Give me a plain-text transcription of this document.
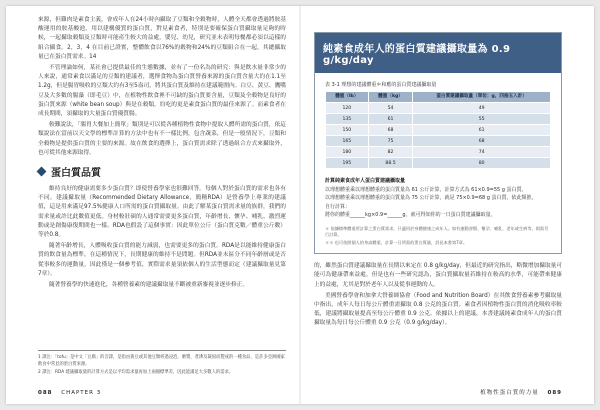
來源，但雞肉是素食主義，會成年人在24小時內攝取了豆類和全穀物時，人體全天都會透過將胺基酸運用的胺基酸池，用以建構優質的蛋白質，對見素食者，特別是要確保蛋白質攝取量足夠的時候，一起攝取穀類及豆類時可能產生較大的益處，嬰兒、幼兒，研究並未表明每餐都必須以這樣的組合攝食。2，3，4 在目前已證實，整體飲食以76%的穀物和24%的豆類組合在一起，其總攝取量已在蛋白質需求。14

不管理論如何，某社會已提供最佳的生態數據，並有了一份名為的研究：與是飲水量非常少的人來說，通常素食以滿足的豆類的建議者，選擇食物為蛋白質營養來源的蛋白質含量大約在1.1至1.2g，但是腸胃吸收的豆類大約有3至5盎司，將其蛋白質及維持在建議範圍內。白豆、黃豆、鷹嘴豆及大多數的腸藻（即毛豆）中，在植物性飲食裡不可缺的蛋白質要含量，豆類及全穀物是良好的蛋白質來源（white bean soup）與是在穀類，約吃的更是素食蛋白質的最佳來源了。而素食者在成長期間，須攝取的大量蛋白質優質腸。

較難說法，「腸胃大餐加上簡單」類別是可以從各種植物性食物中提取人體所需的蛋白質，依這類說法在當前以天文學的標準計算的方法中也有不一樣比例，包含蔬菜，但是一般情況下，豆類和全穀物是提供蛋白質的主要的來源。故在飲食的選擇上，蛋白質需求除了透過組合方式來攝取外，也可從其他來源取得。

蛋白質品質

維持良好的健康需要多少蛋白質？即使營養學家也很難回答。每個人對於蛋白質的需求也各有不同。建議攝取量（Recommended Dietary Allowance，簡稱RDA）是營養學上專業的建議值，這是用來滿足97.5%健康人口所需的蛋白質攝取量。由此了解某蛋白質需求量的族群，我們的需求量或許比此數值更低。身材較壯碩的人通常需要更多蛋白質，年齡增長、懷孕、哺乳、激烈運動或是創傷康復期間也一樣。RDA也假設了這個事實：因此單位公斤（蛋白質克數／體重公斤數）等於0.8。

隨著年齡增長，人體吸收蛋白質的能力減弱，也需要更多的蛋白質。RDA是以能維持健康蛋白質的飲食量為標準，在這種情況下，長期健康的維持不是問題。但RDA並未區分不同年齡層或是否從事較多的運動量，因此僅是一個參考值，實際需求量須依個人的生活型態而定（建議攝取量見第7章）。

隨著營養學的快速進化，各種營養素的建議攝取量不斷被重新審視並逐步修正。

1 譯注：「tofu」是中文「豆腐」的音譯，是指由黃豆或其他豆類經過浸泡、磨漿、煮沸及凝固而製成的一種食品，是許多亞洲國家飲食中常見的蛋白質來源。

2 譯注：RDA 建議攝取量的計算方式是以平均需求量再加上兩個標準差，因此能滿足大多數人的需求。

088 CHAPTER 3
純素食成年人的蛋白質建議攝取量為 0.9 g/kg/day
表 3-1 理想的建議體重＊和應的蛋白質建議攝取量
體重（lb）	體重（kg）	蛋白質建議攝取量（單位：g，四捨五入計）
120	54	49
135	61	55
150	68	61
165	75	68
180	82	74
195	88.5	80
計算純素食成年人蛋白質建議攝取量
以理想體重乘以理想體重的蛋白質量為 61 公斤計算，計算方式為 61×0.9=55 g 蛋白質。
以理想體重乘以理想體重的蛋白質量為 75 公斤計算，就是 75×0.9=68 g 蛋白質，依此類推。
自行計算：
將你的體重______kg×0.9=______g，就可得知你的一日蛋白質建議攝取量。

＊ 依據標準體重所計算之蛋白質需求，只適用於身體健康之成年人。如有運動習慣、懷孕、哺乳、老年或生病等，則需另行計算。

＊＊ 也可依照個人的身高體重，計算一日所需的蛋白質量，詳見本書第7章。

的，雖然蛋白質建議攝取量在長期以來定在 0.8 g/kg/day，但最近的研究指出，略微增加攝取量可能可為健康帶來益處。但是也有一些研究認為，蛋白質攝取量若維持在較高的水準，可能帶來健康上的益處，尤其是對於老年人以及從事運動的人。

美國營養學會和加拿大營養師協會（Food and Nutrition Board）在其飲食營養素參考攝取量中指出，成年人每日每公斤體重需攝取 0.8 公克的蛋白質。素食者因植物性蛋白質的消化吸收率較低，建議將攝取量提高至每公斤體重 0.9 公克。依據以上的建議，本書建議純素食成年人的蛋白質攝取量為每日每公斤體重 0.9 公克（0.9 g/kg/day）。

植物性蛋白質的力量 089
